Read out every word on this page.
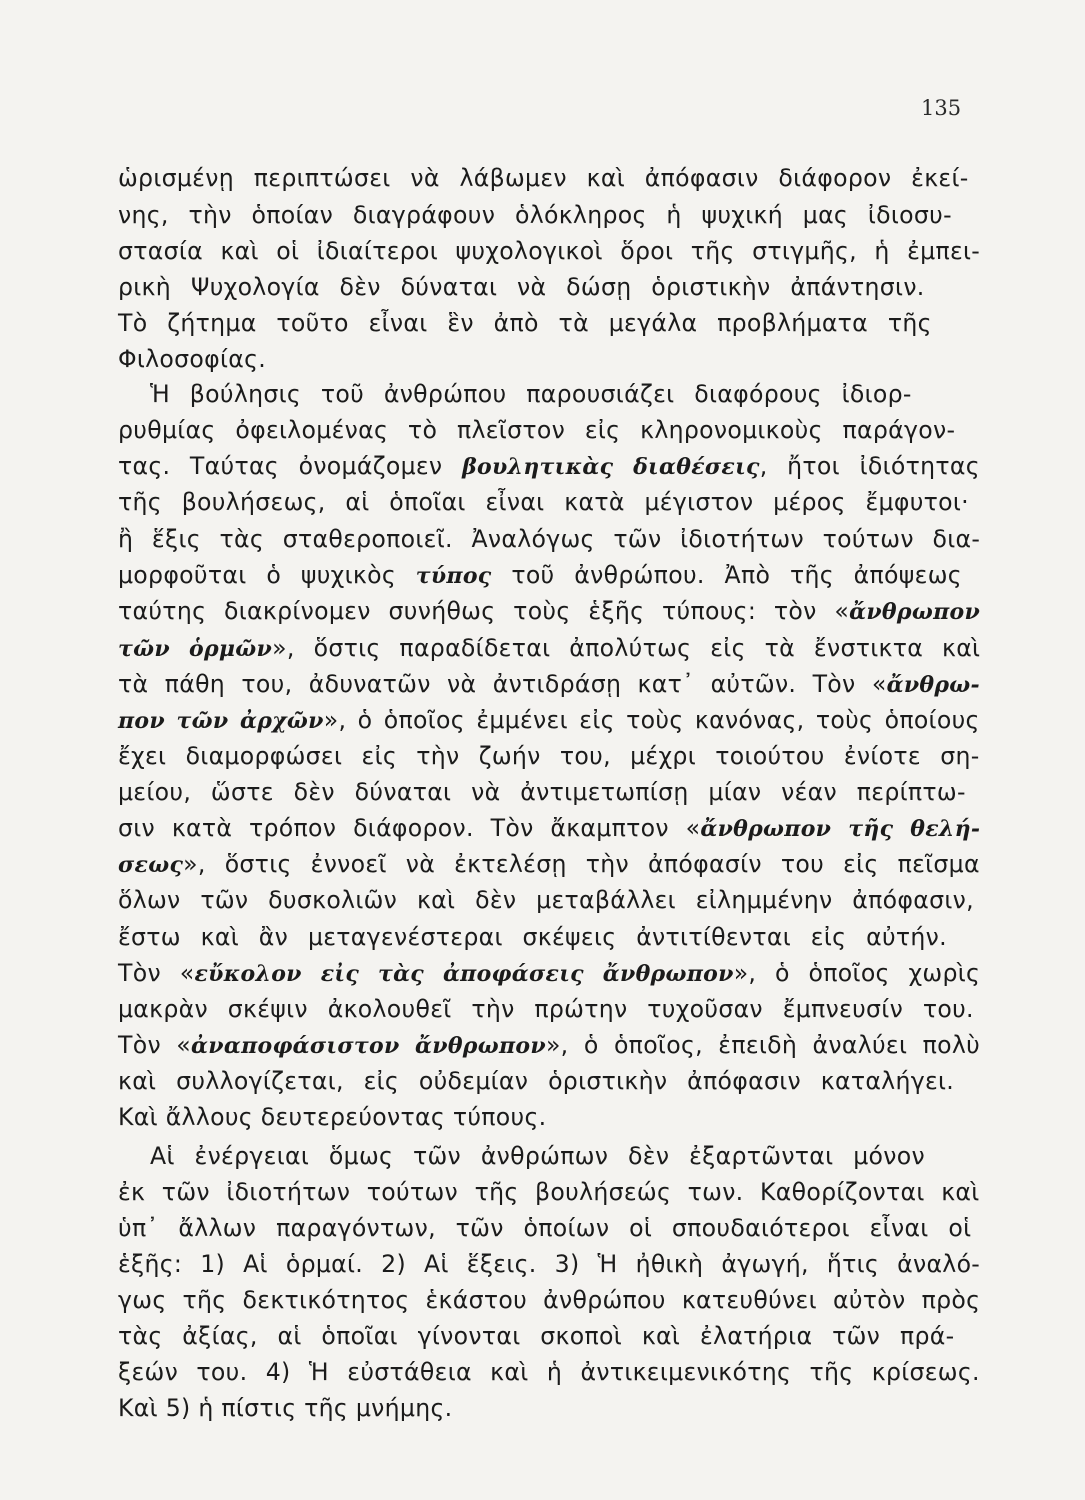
135
ὡρισμένῃ περιπτώσει νὰ λάβωμεν καὶ ἀπόφασιν διάφορον ἐκεί-
νης, τὴν ὁποίαν διαγράφουν ὁλόκληρος ἡ ψυχική μας ἰδιοσυ-
στασία καὶ οἱ ἰδιαίτεροι ψυχολογικοὶ ὅροι τῆς στιγμῆς, ἡ ἐμπει-
ρικὴ Ψυχολογία δὲν δύναται νὰ δώσῃ ὁριστικὴν ἀπάντησιν.
Τὸ ζήτημα τοῦτο εἶναι ἓν ἀπὸ τὰ μεγάλα προβλήματα τῆς
Φιλοσοφίας.
Ἡ βούλησις τοῦ ἀνθρώπου παρουσιάζει διαφόρους ἰδιορ-
ρυθμίας ὀφειλομένας τὸ πλεῖστον εἰς κληρονομικοὺς παράγον-
τας. Ταύτας ὀνομάζομεν βουλητικὰς διαθέσεις, ἤτοι ἰδιότητας
τῆς βουλήσεως, αἱ ὁποῖαι εἶναι κατὰ μέγιστον μέρος ἔμφυτοι·
ἢ ἕξις τὰς σταθεροποιεῖ. Ἀναλόγως τῶν ἰδιοτήτων τούτων δια-
μορφοῦται ὁ ψυχικὸς τύπος τοῦ ἀνθρώπου. Ἀπὸ τῆς ἀπόψεως
ταύτης διακρίνομεν συνήθως τοὺς ἑξῆς τύπους: τὸν «ἄνθρωπον
τῶν ὁρμῶν», ὅστις παραδίδεται ἀπολύτως εἰς τὰ ἔνστικτα καὶ
τὰ πάθη του, ἀδυνατῶν νὰ ἀντιδράσῃ κατ᾽ αὐτῶν. Τὸν «ἄνθρω-
πον τῶν ἀρχῶν», ὁ ὁποῖος ἐμμένει εἰς τοὺς κανόνας, τοὺς ὁποίους
ἔχει διαμορφώσει εἰς τὴν ζωήν του, μέχρι τοιούτου ἐνίοτε ση-
μείου, ὥστε δὲν δύναται νὰ ἀντιμετωπίσῃ μίαν νέαν περίπτω-
σιν κατὰ τρόπον διάφορον. Τὸν ἄκαμπτον «ἄνθρωπον τῆς θελή-
σεως», ὅστις ἐννοεῖ νὰ ἐκτελέσῃ τὴν ἀπόφασίν του εἰς πεῖσμα
ὅλων τῶν δυσκολιῶν καὶ δὲν μεταβάλλει εἰλημμένην ἀπόφασιν,
ἔστω καὶ ἂν μεταγενέστεραι σκέψεις ἀντιτίθενται εἰς αὐτήν.
Τὸν «εὔκολον εἰς τὰς ἀποφάσεις ἄνθρωπον», ὁ ὁποῖος χωρὶς
μακρὰν σκέψιν ἀκολουθεῖ τὴν πρώτην τυχοῦσαν ἔμπνευσίν του.
Τὸν «ἀναποφάσιστον ἄνθρωπον», ὁ ὁποῖος, ἐπειδὴ ἀναλύει πολὺ
καὶ συλλογίζεται, εἰς οὐδεμίαν ὁριστικὴν ἀπόφασιν καταλήγει.
Καὶ ἄλλους δευτερεύοντας τύπους.
Αἱ ἐνέργειαι ὅμως τῶν ἀνθρώπων δὲν ἐξαρτῶνται μόνον
ἐκ τῶν ἰδιοτήτων τούτων τῆς βουλήσεώς των. Καθορίζονται καὶ
ὑπ᾽ ἄλλων παραγόντων, τῶν ὁποίων οἱ σπουδαιότεροι εἶναι οἱ
ἑξῆς: 1) Αἱ ὁρμαί. 2) Αἱ ἕξεις. 3) Ἡ ἠθικὴ ἀγωγή, ἥτις ἀναλό-
γως τῆς δεκτικότητος ἑκάστου ἀνθρώπου κατευθύνει αὐτὸν πρὸς
τὰς ἀξίας, αἱ ὁποῖαι γίνονται σκοποὶ καὶ ἐλατήρια τῶν πρά-
ξεών του. 4) Ἡ εὐστάθεια καὶ ἡ ἀντικειμενικότης τῆς κρίσεως.
Καὶ 5) ἡ πίστις τῆς μνήμης.
